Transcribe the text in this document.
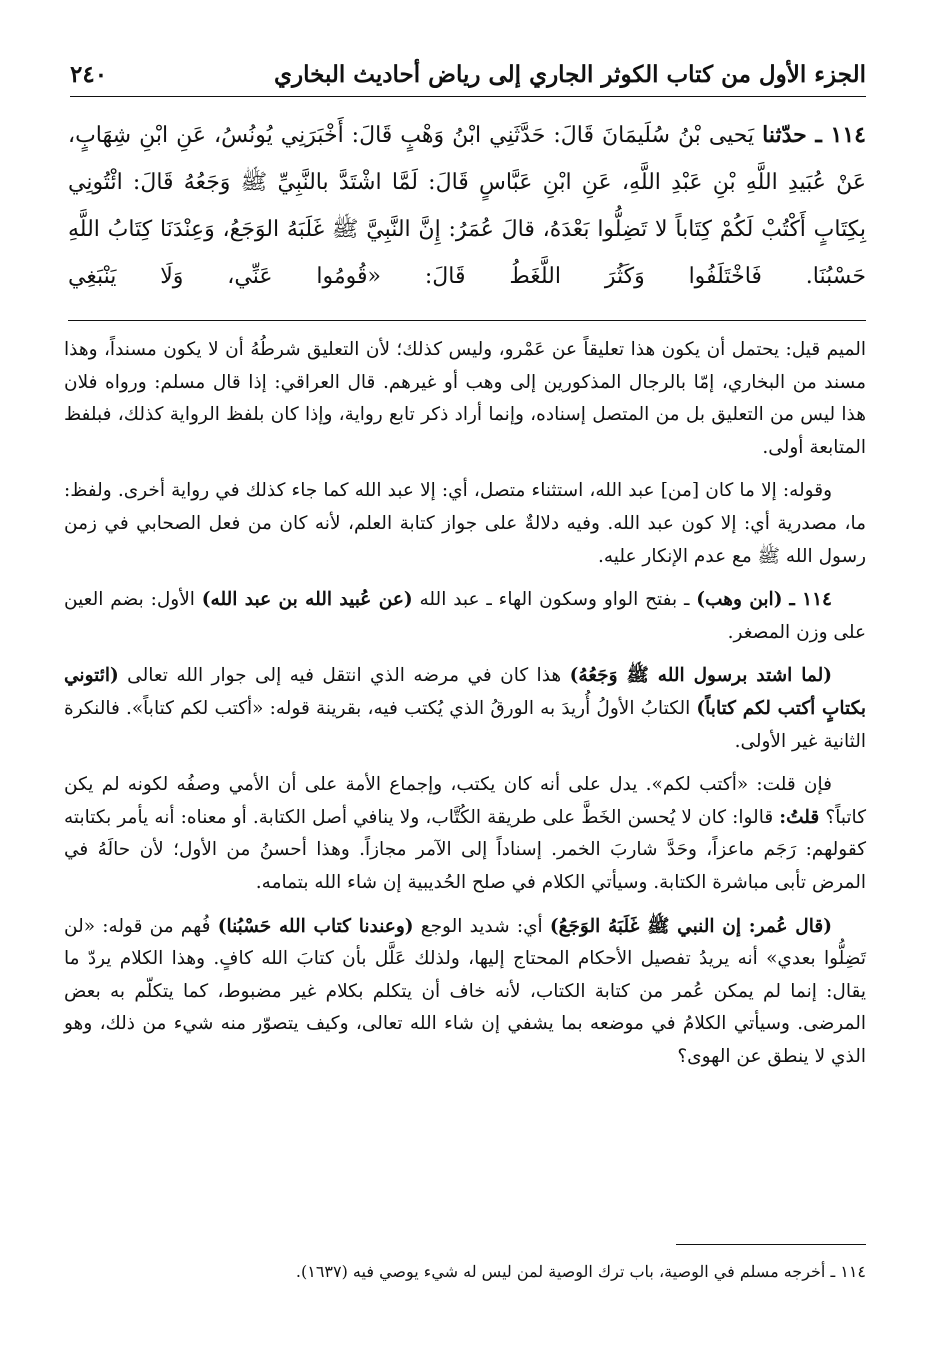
الجزء الأول من كتاب الكوثر الجاري إلى رياض أحاديث البخاري
٢٤٠
١١٤ ـ حدّثنا يَحيى بْنُ سُلَيمَانَ قَالَ: حَدَّثَنِي ابْنُ وَهْبٍ قَالَ: أَخْبَرَنِي يُونُسُ، عَنِ ابْنِ شِهَابٍ، عَنْ عُبَيدِ اللَّهِ بْنِ عَبْدِ اللَّهِ، عَنِ ابْنِ عَبَّاسٍ قَالَ: لَمَّا اشْتَدَّ بالنَّبِيِّ ﷺ وَجَعُهُ قَالَ: ائْتُونِي بِكِتَابٍ أَكْتُبْ لَكُمْ كِتَاباً لا تَضِلُّوا بَعْدَهُ، قالَ عُمَرُ: إِنَّ النَّبِيَّ ﷺ غَلَبَهُ الوَجَعُ، وَعِنْدَنَا كِتَابُ اللَّهِ حَسْبُنَا. فَاخْتَلَفُوا وَكَثُرَ اللَّغَطُ قَالَ: «قُومُوا عَنِّي، وَلَا يَنْبَغِي

الميم قيل: يحتمل أن يكون هذا تعليقاً عن عَمْرو، وليس كذلك؛ لأن التعليق شرطُهُ أن لا يكون مسنداً، وهذا مسند من البخاري، إمّا بالرجال المذكورين إلى وهب أو غيرهم. قال العراقي: إذا قال مسلم: ورواه فلان هذا ليس من التعليق بل من المتصل إسناده، وإنما أراد ذكر تابع رواية، وإذا كان بلفظ الرواية كذلك، فبلفظ المتابعة أولى.

وقوله: إلا ما كان [من] عبد الله، استثناء متصل، أي: إلا عبد الله كما جاء كذلك في رواية أخرى. ولفظ: ما، مصدرية أي: إلا كون عبد الله. وفيه دلالةٌ على جواز كتابة العلم، لأنه كان من فعل الصحابي في زمن رسول الله ﷺ مع عدم الإنكار عليه.

١١٤ ـ (ابن وهب) ـ بفتح الواو وسكون الهاء ـ عبد الله (عن عُبيد الله بن عبد الله) الأول: بضم العين على وزن المصغر.

(لما اشتد برسول الله ﷺ وَجَعُهُ) هذا كان في مرضه الذي انتقل فيه إلى جوار الله تعالى (ائتوني بكتابٍ أكتب لكم كتاباً) الكتابُ الأولُ أُريدَ به الورقُ الذي يُكتب فيه، بقرينة قوله: «أكتب لكم كتاباً». فالنكرة الثانية غير الأولى.

فإن قلت: «أكتب لكم». يدل على أنه كان يكتب، وإجماع الأمة على أن الأمي وصفُه لكونه لم يكن كاتباً؟ قلتُ: قالوا: كان لا يُحسن الخَطَّ على طريقة الكُتَّاب، ولا ينافي أصل الكتابة. أو معناه: أنه يأمر بكتابته كقولهم: رَجَم ماعزاً، وحَدَّ شاربَ الخمر. إسناداً إلى الآمر مجازاً. وهذا أحسنُ من الأول؛ لأن حالَهُ في المرض تأبى مباشرة الكتابة. وسيأتي الكلام في صلح الحُديبية إن شاء الله بتمامه.

(قال عُمر: إن النبي ﷺ غَلَبَهُ الوَجَعُ) أي: شديد الوجع (وعندنا كتاب الله حَسْبُنا) فُهم من قوله: «لن تَضِلُّوا بعدي» أنه يريدُ تفصيل الأحكام المحتاج إليها، ولذلك عَلَّل بأن كتابَ الله كافٍ. وهذا الكلام يردّ ما يقال: إنما لم يمكن عُمر من كتابة الكتاب، لأنه خاف أن يتكلم بكلام غير مضبوط، كما يتكلّم به بعض المرضى. وسيأتي الكلامُ في موضعه بما يشفي إن شاء الله تعالى، وكيف يتصوّر منه شيء من ذلك، وهو الذي لا ينطق عن الهوى؟

١١٤ ـ أخرجه مسلم في الوصية، باب ترك الوصية لمن ليس له شيء يوصي فيه (١٦٣٧).
